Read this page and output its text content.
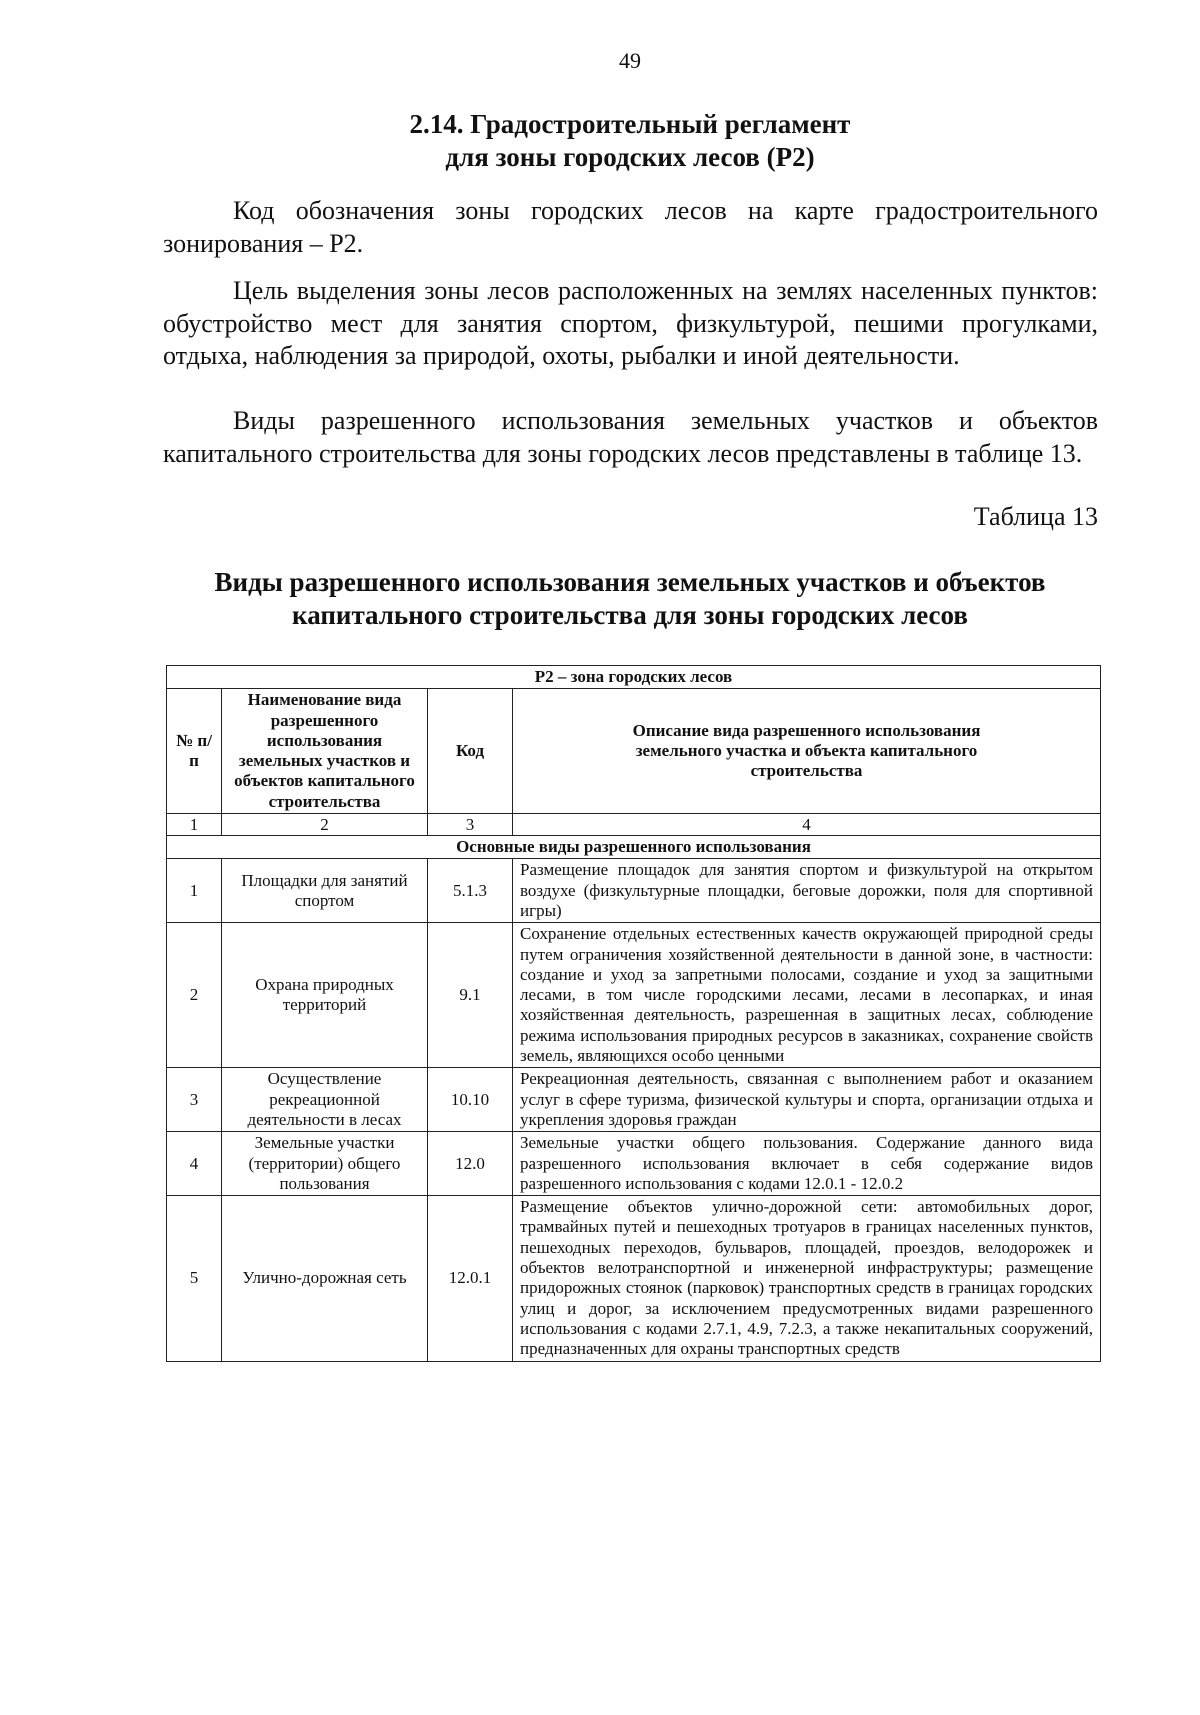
49
2.14. Градостроительный регламент
для зоны городских лесов (Р2)

Код обозначения зоны городских лесов на карте градостроительного зонирования – Р2.

Цель выделения зоны лесов расположенных на землях населенных пунктов: обустройство мест для занятия спортом, физкультурой, пешими прогулками, отдыха, наблюдения за природой, охоты, рыбалки и иной деятельности.

Виды разрешенного использования земельных участков и объектов капитального строительства для зоны городских лесов представлены в таблице 13.

Таблица 13
Виды разрешенного использования земельных участков и объектов
капитального строительства для зоны городских лесов
Р2 – зона городских лесов			
№ п/п	Наименование вида разрешенного использования земельных участков и объектов капитального строительства	Код	Описание вида разрешенного использования земельного участка и объекта капитального строительства
1	2	3	4
Основные виды разрешенного использования			
1	Площадки для занятий спортом	5.1.3	Размещение площадок для занятия спортом и физкультурой на открытом воздухе (физкультурные площадки, беговые дорожки, поля для спортивной игры)
2	Охрана природных территорий	9.1	Сохранение отдельных естественных качеств окружающей природной среды путем ограничения хозяйственной деятельности в данной зоне, в частности: создание и уход за запретными полосами, создание и уход за защитными лесами, в том числе городскими лесами, лесами в лесопарках, и иная хозяйственная деятельность, разрешенная в защитных лесах, соблюдение режима использования природных ресурсов в заказниках, сохранение свойств земель, являющихся особо ценными
3	Осуществление рекреационной деятельности в лесах	10.10	Рекреационная деятельность, связанная с выполнением работ и оказанием услуг в сфере туризма, физической культуры и спорта, организации отдыха и укрепления здоровья граждан
4	Земельные участки (территории) общего пользования	12.0	Земельные участки общего пользования. Содержание данного вида разрешенного использования включает в себя содержание видов разрешенного использования с кодами 12.0.1 - 12.0.2
5	Улично-дорожная сеть	12.0.1	Размещение объектов улично-дорожной сети: автомобильных дорог, трамвайных путей и пешеходных тротуаров в границах населенных пунктов, пешеходных переходов, бульваров, площадей, проездов, велодорожек и объектов велотранспортной и инженерной инфраструктуры; размещение придорожных стоянок (парковок) транспортных средств в границах городских улиц и дорог, за исключением предусмотренных видами разрешенного использования с кодами 2.7.1, 4.9, 7.2.3, а также некапитальных сооружений, предназначенных для охраны транспортных средств
